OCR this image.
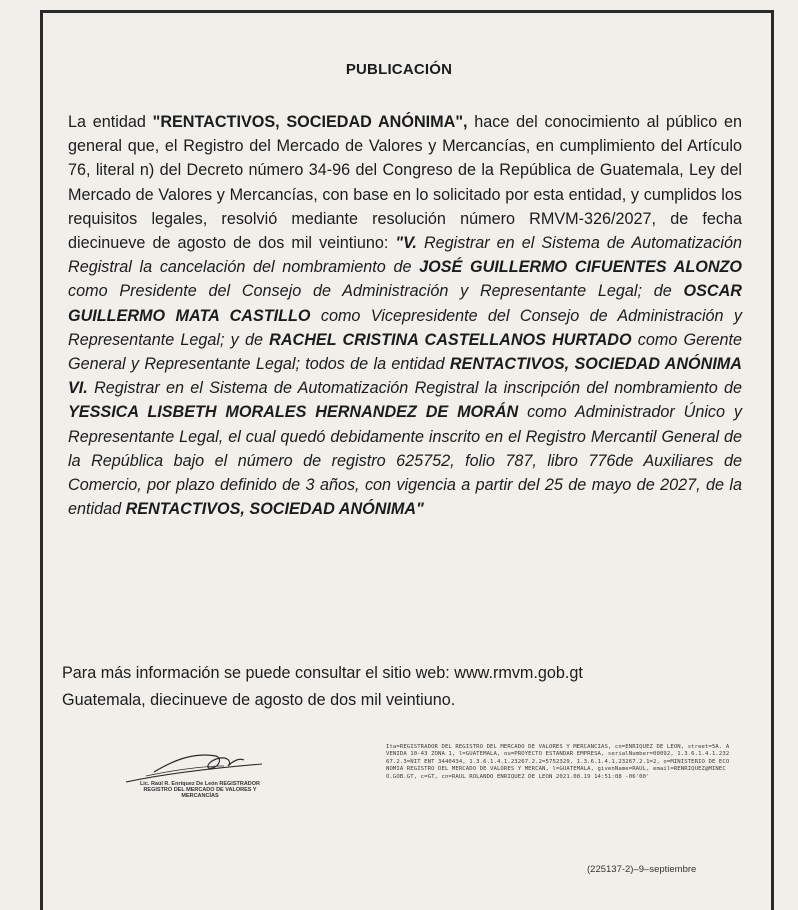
PUBLICACIÓN
La entidad "RENTACTIVOS, SOCIEDAD ANÓNIMA", hace del conocimiento al público en general que, el Registro del Mercado de Valores y Mercancías, en cumplimiento del Artículo 76, literal n) del Decreto número 34-96 del Congreso de la República de Guatemala, Ley del Mercado de Valores y Mercancías, con base en lo solicitado por esta entidad, y cumplidos los requisitos legales, resolvió mediante resolución número RMVM-326/2027, de fecha diecinueve de agosto de dos mil veintiuno: "V. Registrar en el Sistema de Automatización Registral la cancelación del nombramiento de JOSÉ GUILLERMO CIFUENTES ALONZO como Presidente del Consejo de Administración y Representante Legal; de OSCAR GUILLERMO MATA CASTILLO como Vicepresidente del Consejo de Administración y Representante Legal; y de RACHEL CRISTINA CASTELLANOS HURTADO como Gerente General y Representante Legal; todos de la entidad RENTACTIVOS, SOCIEDAD ANÓNIMA VI. Registrar en el Sistema de Automatización Registral la inscripción del nombramiento de YESSICA LISBETH MORALES HERNANDEZ DE MORÁN como Administrador Único y Representante Legal, el cual quedó debidamente inscrito en el Registro Mercantil General de la República bajo el número de registro 625752, folio 787, libro 776de Auxiliares de Comercio, por plazo definido de 3 años, con vigencia a partir del 25 de mayo de 2027, de la entidad RENTACTIVOS, SOCIEDAD ANÓNIMA"
Para más información se puede consultar el sitio web: www.rmvm.gob.gt
Guatemala, diecinueve de agosto de dos mil veintiuno.
Lic. Raúl R. Enríquez De León REGISTRADOR REGISTRO DEL MERCADO DE VALORES Y MERCANCÍAS
Ita=REGISTRADOR DEL REGISTRO DEL MERCADO DE VALORES Y MERCANCIAS, cn=ENRIQUEZ DE LEON, street=5A. AVENIDA 10-43 ZONA 1, l=GUATEMALA, ou=PROYECTO ESTANDAR EMPRESA, serialNumber=00092, 1.3.6.1.4.1.23267.2.3=NIT ENT 3440434, 1.3.6.1.4.1.23267.2.2=5752329, 1.3.6.1.4.1.23267.2.1=2, o=MINISTERIO DE ECONOMIA REGISTRO DEL MERCADO DE VALORES Y MERCAN, l=GUATEMALA, givenName=RAUL, email=RENRIQUEZ@MINECO.GOB.GT, c=GT, cn=RAUL ROLANDO ENRIQUEZ DE LEON 2021.08.19 14:51:08 -06'00'
(225137-2)–9–septiembre
